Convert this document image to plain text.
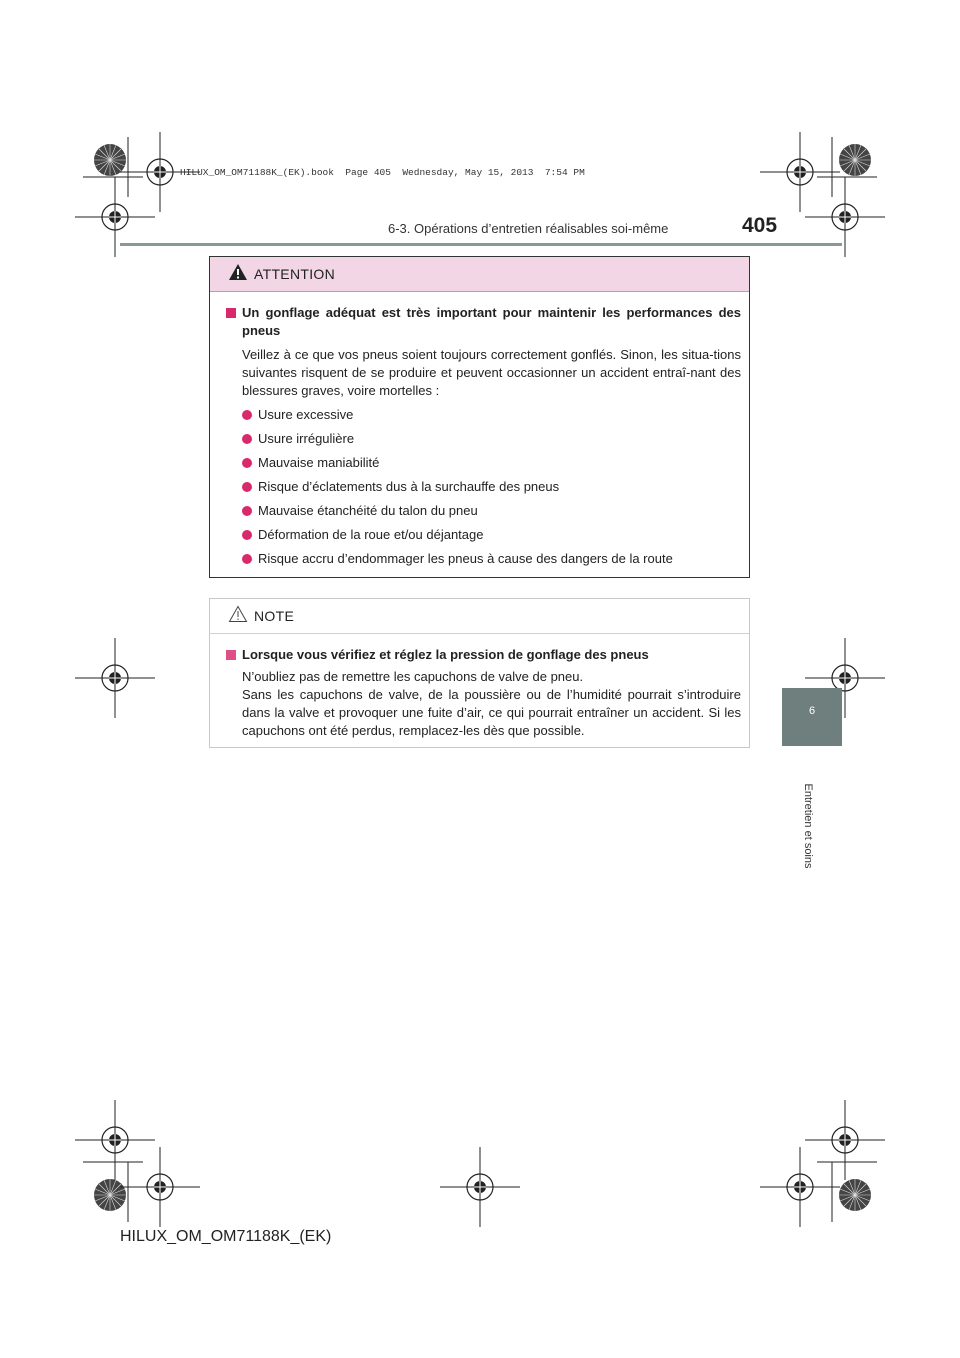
HILUX_OM_OM71188K_(EK).book  Page 405  Wednesday, May 15, 2013  7:54 PM
6-3. Opérations d’entretien réalisables soi-même	405
6
Entretien et soins
ATTENTION
Un gonflage adéquat est très important pour maintenir les performances des pneus
Veillez à ce que vos pneus soient toujours correctement gonflés. Sinon, les situa-tions suivantes risquent de se produire et peuvent occasionner un accident entraî-nant des blessures graves, voire mortelles :
Usure excessive
Usure irrégulière
Mauvaise maniabilité
Risque d’éclatements dus à la surchauffe des pneus
Mauvaise étanchéité du talon du pneu
Déformation de la roue et/ou déjantage
Risque accru d’endommager les pneus à cause des dangers de la route
NOTE
Lorsque vous vérifiez et réglez la pression de gonflage des pneus
N’oubliez pas de remettre les capuchons de valve de pneu.
Sans les capuchons de valve, de la poussière ou de l’humidité pourrait s’introduire dans la valve et provoquer une fuite d’air, ce qui pourrait entraîner un accident. Si les capuchons ont été perdus, remplacez-les dès que possible.
HILUX_OM_OM71188K_(EK)
